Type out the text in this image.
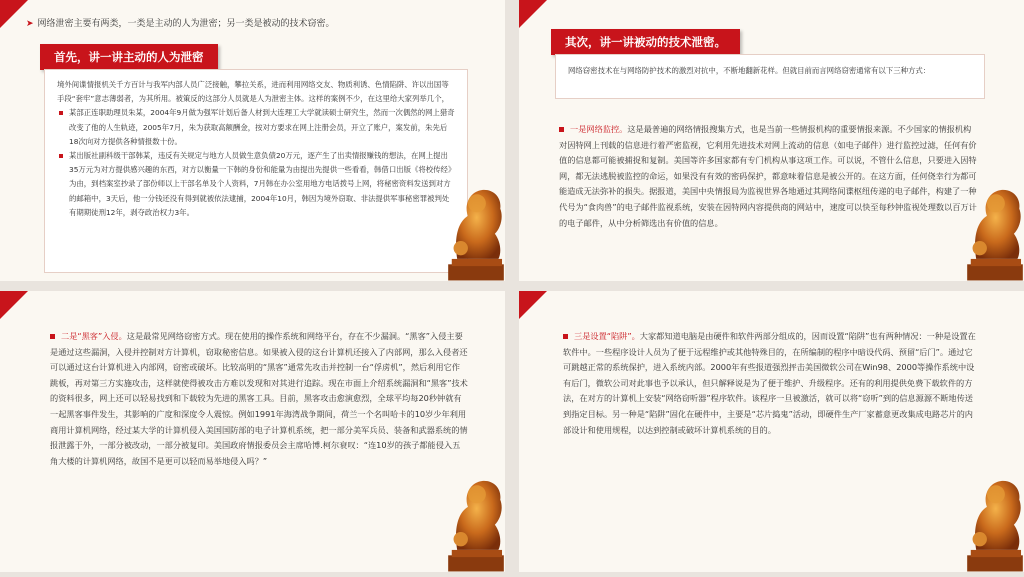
➤ 网络泄密主要有两类，一类是主动的人为泄密；另一类是被动的技术窃密。
首先，讲一讲主动的人为泄密

境外间谍情报机关千方百计与我军内部人员广泛接触，攀拉关系，进而利用网络交友、物质利诱、色情陷阱、许以出国等手段“套牢”意志薄弱者，为其所用。被策反的这部分人员就是人为泄密主体。这样的案例不少，在这里给大家列举几个，

某部正连职助理员朱某，2004年9月做为强军计划后备人材到大连理工大学就读硕士研究生，然而一次偶然的网上猎奇改变了他的人生轨迹，2005年7月，朱为获取高额酬金，按对方要求在网上注册会员，开立了账户，案发前，朱先后18次向对方提供各种情报数十份。

某出版社副科级干部韩某，违反有关规定与地方人员做生意负债20万元，逐产生了出卖情报赚钱的想法，在网上提出35万元为对方提供感兴趣的东西，对方以衡量一下韩的身份和能量为由提出先提供一些看看，韩借口出版《将校传经》为由，到档案室抄录了部份师以上干部名单及个人资料，7月韩在办公室用地方电话拨号上网，将秘密资料发送到对方的邮箱中，3天后，他一分钱还没有得到就被依法逮捕，2004年10月，韩因为境外窃取、非法提供军事秘密罪被判处有期期徒刑12年，剥夺政治权力3年。

其次，讲一讲被动的技术泄密。

网络窃密技术在与网络防护技术的激烈对抗中，不断地翻新花样。但就目前而言网络窃密通常有以下三种方式：

一是网络监控。这是最普遍的网络情报搜集方式，也是当前一些情报机构的重要情报来源。不少国家的情报机构对因特网上刊载的信息进行着严密监视，它利用先进技术对网上流动的信息（如电子邮件）进行监控过滤，任何有价值的信息都可能被捕捉和复制。美国等许多国家都有专门机构从事这项工作。可以说，不管什么信息，只要进入因特网，都无法逃脱被监控的命运，如果没有有效的密码保护，都意味着信息是被公开的。在这方面，任何侥幸行为都可能造成无法弥补的损失。据报道，美国中央情报局为监视世界各地通过其网络间谍枢纽传递的电子邮件，构建了一种代号为“食肉兽”的电子邮件监视系统，安装在因特网内容提供商的网站中，速度可以快至每秒钟监视处理数以百万计的电子邮件，从中分析筛选出有价值的信息。
二是“黑客”入侵。这是最常见网络窃密方式。现在使用的操作系统和网络平台，存在不少漏洞。“黑客”入侵主要是通过这些漏洞，入侵并控制对方计算机，窃取秘密信息。如果被入侵的这台计算机还接入了内部网，那么入侵者还可以通过这台计算机进入内部网，窃密或破坏。比较高明的“黑客”通常先攻击并控制一台“俘虏机”，然后利用它作跳板，再对第三方实施攻击，这样就使得被攻击方难以发现和对其进行追踪。现在市面上介绍系统漏洞和“黑客”技术的资料很多，网上还可以轻易找到和下载较为先进的黑客工具。目前，黑客攻击愈演愈烈，全球平均每20秒钟就有一起黑客事件发生，其影响的广度和深度令人震惊。例如1991年海湾战争期间，荷兰一个名叫哈卡的10岁少年利用商用计算机网络，经过某大学的计算机侵入美国国防部的电子计算机系统，把一部分美军兵员、装备和武器系统的情报泄露于外，一部分被改动，一部分被复印。美国政府情报委员会主席哈博.柯尔衰叹：“连10岁的孩子都能侵入五角大楼的计算机网络，故国不是更可以轻而易举地侵入吗？”
三是设置“陷阱”。大家都知道电脑是由硬件和软件两部分组成的，因而设置“陷阱”也有两种情况：一种是设置在软件中。一些程序设计人员为了便于远程维护或其他特殊目的，在所编制的程序中暗设代码、预留“后门”。通过它可跳越正常的系统保护，进入系统内部。2000年有些报道强烈抨击美国微软公司在Win98、2000等操作系统中设有后门，微软公司对此事也予以承认，但只解释说是为了便于维护、升级程序。还有的利用提供免费下载软件的方法，在对方的计算机上安装“网络窃听器”程序软件。该程序一旦被激活，就可以将“窃听”到的信息源源不断地传送到指定目标。另一种是“陷阱”固化在硬件中，主要是“芯片捣鬼”活动，即硬件生产厂家蓄意更改集成电路芯片的内部设计和使用规程，以达到控制或破坏计算机系统的目的。
